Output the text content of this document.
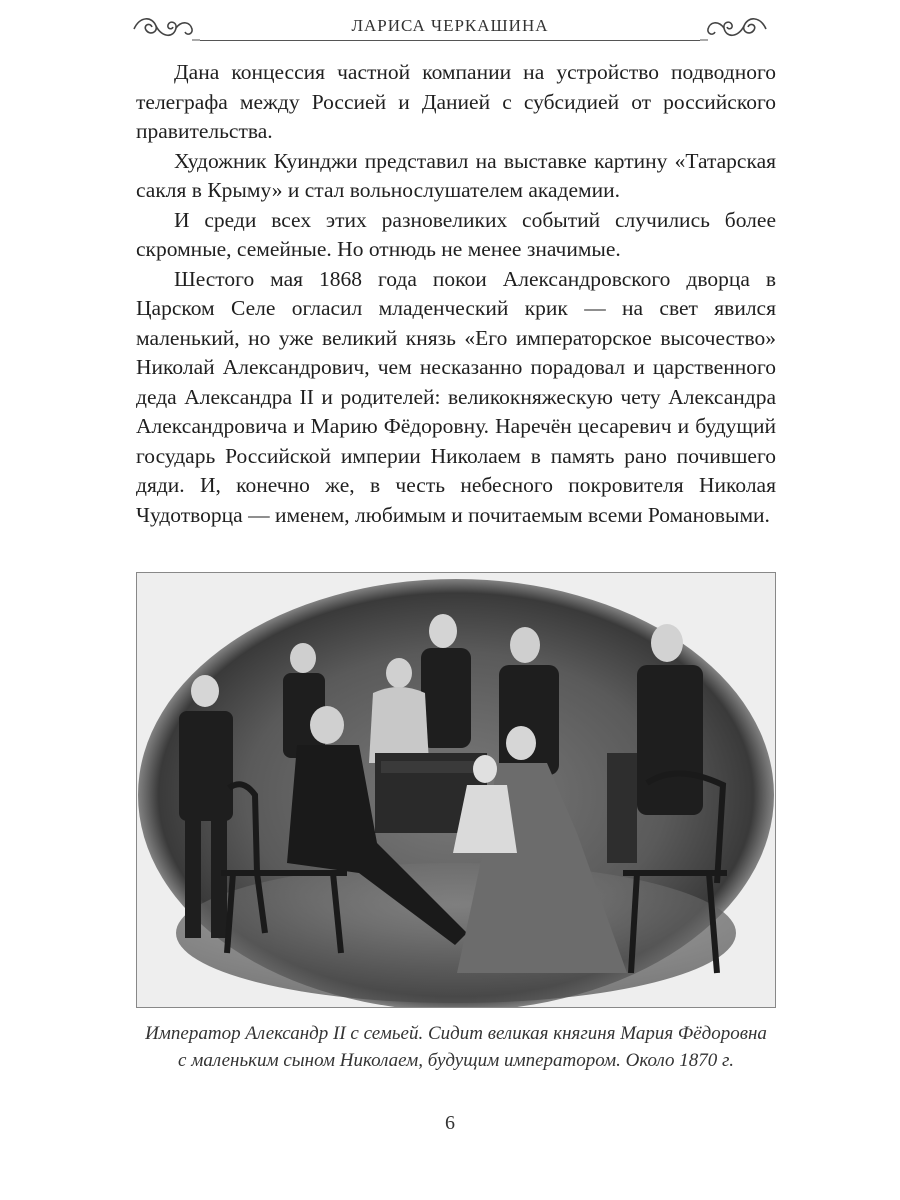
ЛАРИСА ЧЕРКАШИНА

Дана концессия частной компании на устройство подводного телеграфа между Россией и Данией с субсидией от российского правительства.

Художник Куинджи представил на выставке картину «Татарская сакля в Крыму» и стал вольнослушателем академии.

И среди всех этих разновеликих событий случились более скромные, семейные. Но отнюдь не менее значимые.

Шестого мая 1868 года покои Александровского дворца в Царском Селе огласил младенческий крик — на свет явился маленький, но уже великий князь «Его императорское высочество» Николай Александрович, чем несказанно порадовал и царственного деда Александра II и родителей: великокняжескую чету Александра Александровича и Марию Фёдоровну. Наречён цесаревич и будущий государь Российской империи Николаем в память рано почившего дяди. И, конечно же, в честь небесного покровителя Николая Чудотворца — именем, любимым и почитаемым всеми Романовыми.

Император Александр II с семьей. Сидит великая княгиня Мария Фёдоровна с маленьким сыном Николаем, будущим императором. Около 1870 г.
6
